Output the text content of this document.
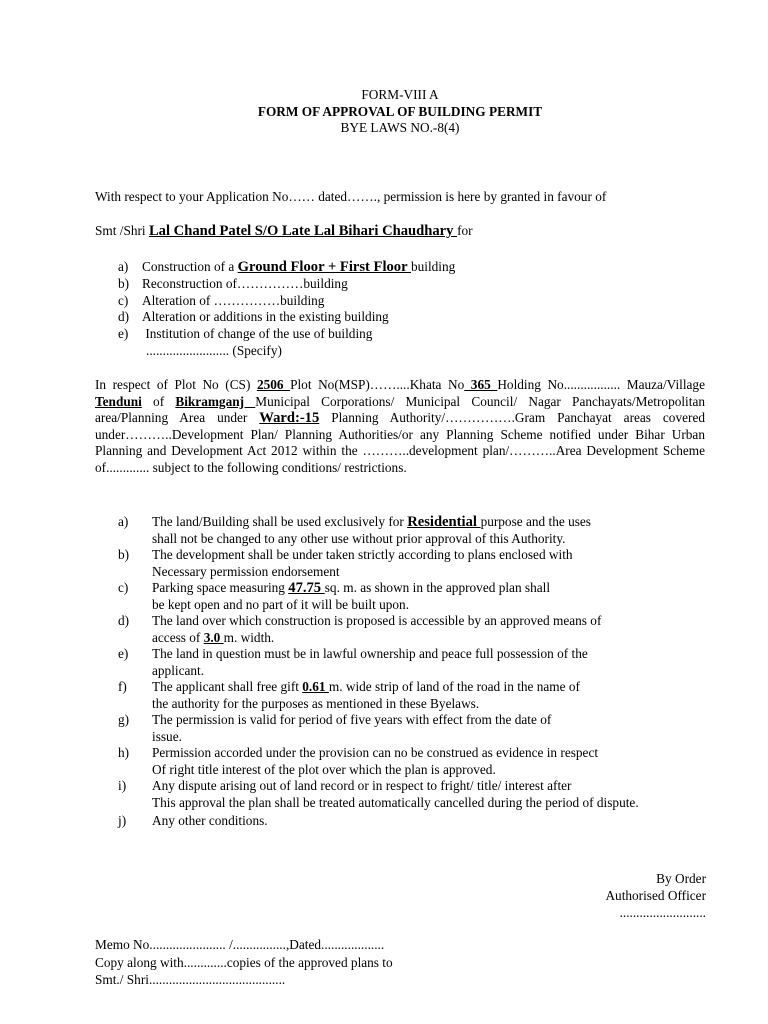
FORM-VIII A
FORM OF APPROVAL OF BUILDING PERMIT
BYE LAWS NO.-8(4)
With respect to your Application No…… dated……., permission is here by granted in favour of
Smt /Shri Lal Chand Patel S/O Late Lal Bihari Chaudhary for
a) Construction of a Ground Floor + First Floor building
b) Reconstruction of……………building
c) Alteration of ……………building
d) Alteration or additions in the existing building
e) Institution of change of the use of building
......................... (Specify)
In respect of Plot No (CS) 2506 Plot No(MSP)……....Khata No 365 Holding No................. Mauza/Village Tenduni of Bikramganj Municipal Corporations/ Municipal Council/ Nagar Panchayats/Metropolitan area/Planning Area under Ward:-15 Planning Authority/…………….Gram Panchayat areas covered under………..Development Plan/ Planning Authorities/or any Planning Scheme notified under Bihar Urban Planning and Development Act 2012 within the ………..development plan/………..Area Development Scheme of............. subject to the following conditions/ restrictions.
a) The land/Building shall be used exclusively for Residential purpose and the uses
shall not be changed to any other use without prior approval of this Authority.
b) The development shall be under taken strictly according to plans enclosed with
Necessary permission endorsement
c) Parking space measuring 47.75 sq. m. as shown in the approved plan shall
be kept open and no part of it will be built upon.
d) The land over which construction is proposed is accessible by an approved means of
access of 3.0 m. width.
e) The land in question must be in lawful ownership and peace full possession of the
applicant.
f) The applicant shall free gift 0.61 m. wide strip of land of the road in the name of
the authority for the purposes as mentioned in these Byelaws.
g) The permission is valid for period of five years with effect from the date of
issue.
h) Permission accorded under the provision can no be construed as evidence in respect
Of right title interest of the plot over which the plan is approved.
i) Any dispute arising out of land record or in respect to fright/ title/ interest after
This approval the plan shall be treated automatically cancelled during the period of dispute.
j) Any other conditions.
By Order
Authorised Officer
..........................
Memo No....................... /................,Dated...................
Copy along with.............copies of the approved plans to
Smt./ Shri.........................................
